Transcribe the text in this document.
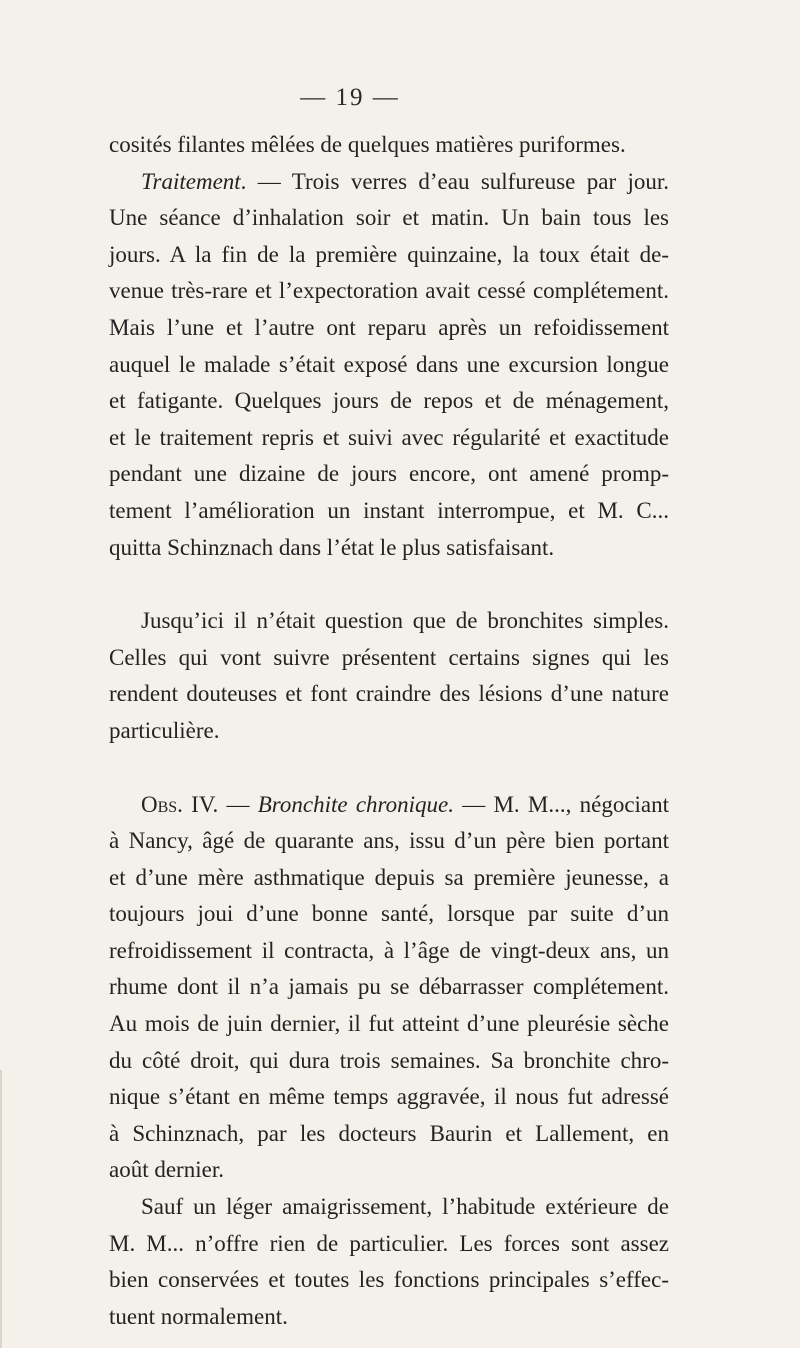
— 19 —
cosités filantes mêlées de quelques matières puriformes.
Traitement. — Trois verres d’eau sulfureuse par jour.
Une séance d’inhalation soir et matin. Un bain tous les
jours. A la fin de la première quinzaine, la toux était de-
venue très-rare et l’expectoration avait cessé complétement.
Mais l’une et l’autre ont reparu après un refoidissement
auquel le malade s’était exposé dans une excursion longue
et fatigante. Quelques jours de repos et de ménagement,
et le traitement repris et suivi avec régularité et exactitude
pendant une dizaine de jours encore, ont amené promp-
tement l’amélioration un instant interrompue, et M. C...
quitta Schinznach dans l’état le plus satisfaisant.
Jusqu’ici il n’était question que de bronchites simples.
Celles qui vont suivre présentent certains signes qui les
rendent douteuses et font craindre des lésions d’une nature
particulière.
Obs. IV. — Bronchite chronique. — M. M..., négociant
à Nancy, âgé de quarante ans, issu d’un père bien portant
et d’une mère asthmatique depuis sa première jeunesse, a
toujours joui d’une bonne santé, lorsque par suite d’un
refroidissement il contracta, à l’âge de vingt-deux ans, un
rhume dont il n’a jamais pu se débarrasser complétement.
Au mois de juin dernier, il fut atteint d’une pleurésie sèche
du côté droit, qui dura trois semaines. Sa bronchite chro-
nique s’étant en même temps aggravée, il nous fut adressé
à Schinznach, par les docteurs Baurin et Lallement, en
août dernier.
Sauf un léger amaigrissement, l’habitude extérieure de
M. M... n’offre rien de particulier. Les forces sont assez
bien conservées et toutes les fonctions principales s’effec-
tuent normalement.
